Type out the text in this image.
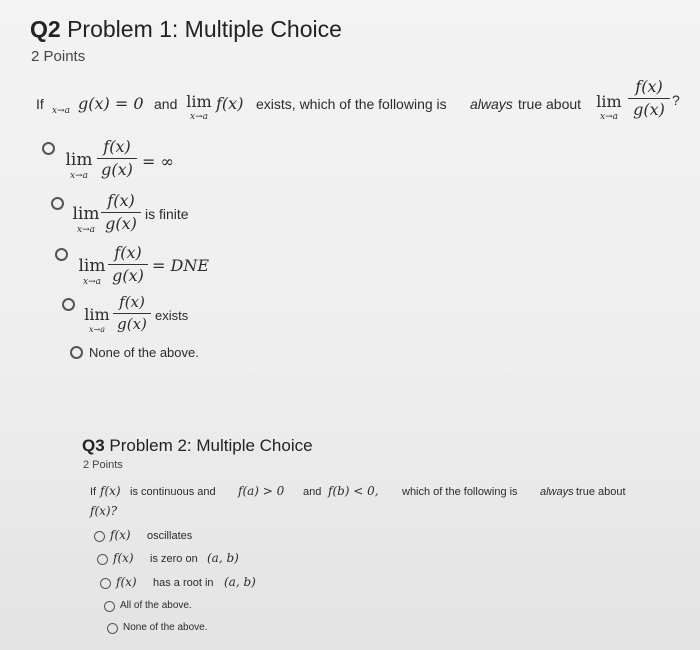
Q2 Problem 1: Multiple Choice
2 Points
If x→a g(x) = 0 and lim
x→a
f(x) exists, which of the following is always true about lim
x→a
f(x)
g(x) ?
lim
x→a
f(x)
g(x) = ∞
lim
x→a
f(x)
g(x) is finite
lim
x→a
f(x)
g(x)
= DNE
lim
x→a
f(x)
g(x) exists
None of the above.
Q3 Problem 2: Multiple Choice
2 Points
If f(x) is continuous and f(a) > 0 and f(b) < 0, which of the following is always true about
f(x)?
f(x) oscillates
f(x) is zero on (a, b)
f(x) has a root in (a, b)
All of the above.
None of the above.
